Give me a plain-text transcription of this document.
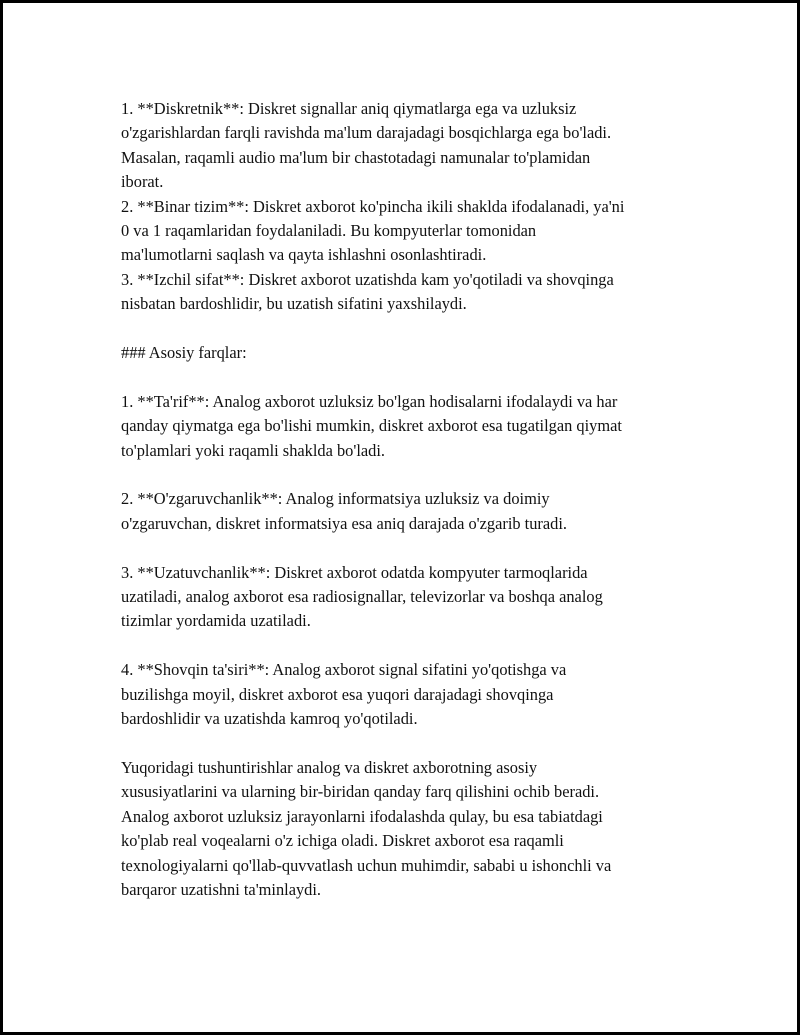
1. **Diskretnik**: Diskret signallar aniq qiymatlarga ega va uzluksiz

o'zgarishlardan farqli ravishda ma'lum darajadagi bosqichlarga ega bo'ladi.

Masalan, raqamli audio ma'lum bir chastotadagi namunalar to'plamidan

iborat.

2. **Binar tizim**: Diskret axborot ko'pincha ikili shaklda ifodalanadi, ya'ni

0 va 1 raqamlaridan foydalaniladi. Bu kompyuterlar tomonidan

ma'lumotlarni saqlash va qayta ishlashni osonlashtiradi.

3. **Izchil sifat**: Diskret axborot uzatishda kam yo'qotiladi va shovqinga

nisbatan bardoshlidir, bu uzatish sifatini yaxshilaydi.

### Asosiy farqlar:

1. **Ta'rif**: Analog axborot uzluksiz bo'lgan hodisalarni ifodalaydi va har

qanday qiymatga ega bo'lishi mumkin, diskret axborot esa tugatilgan qiymat

to'plamlari yoki raqamli shaklda bo'ladi.

2. **O'zgaruvchanlik**: Analog informatsiya uzluksiz va doimiy

o'zgaruvchan, diskret informatsiya esa aniq darajada o'zgarib turadi.

3. **Uzatuvchanlik**: Diskret axborot odatda kompyuter tarmoqlarida

uzatiladi, analog axborot esa radiosignallar, televizorlar va boshqa analog

tizimlar yordamida uzatiladi.

4. **Shovqin ta'siri**: Analog axborot signal sifatini yo'qotishga va

buzilishga moyil, diskret axborot esa yuqori darajadagi shovqinga

bardoshlidir va uzatishda kamroq yo'qotiladi.

Yuqoridagi tushuntirishlar analog va diskret axborotning asosiy

xususiyatlarini va ularning bir-biridan qanday farq qilishini ochib beradi.

Analog axborot uzluksiz jarayonlarni ifodalashda qulay, bu esa tabiatdagi

ko'plab real voqealarni o'z ichiga oladi. Diskret axborot esa raqamli

texnologiyalarni qo'llab-quvvatlash uchun muhimdir, sababi u ishonchli va

barqaror uzatishni ta'minlaydi.
